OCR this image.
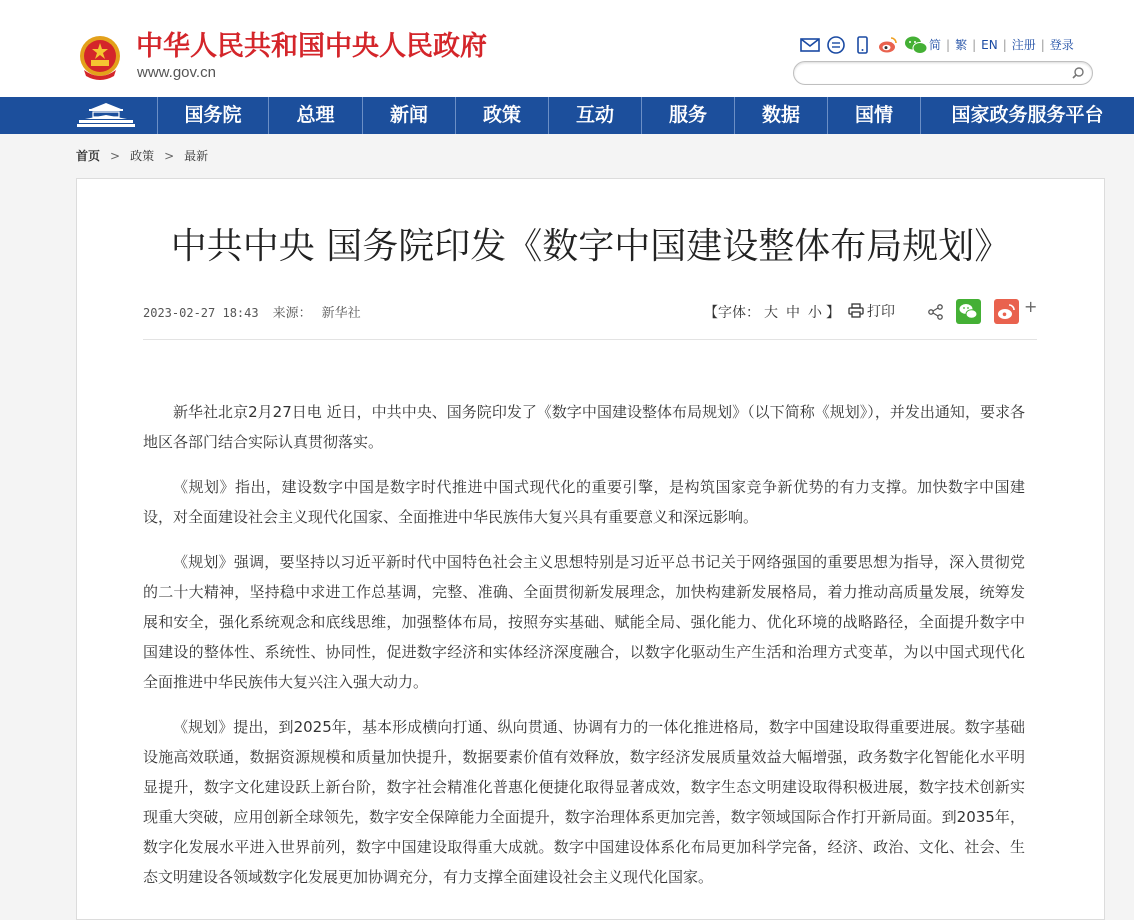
中华人民共和国中央人民政府
www.gov.cn
简 | 繁 | EN | 注册 | 登录
国务院	总理	新闻	政策	互动	服务	数据	国情	国家政务服务平台
首页 > 政策 > 最新
中共中央 国务院印发《数字中国建设整体布局规划》
2023-02-27 18:43 来源： 新华社	【字体： 大 中 小 】	打印	+

新华社北京2月27日电 近日，中共中央、国务院印发了《数字中国建设整体布局规划》（以下简称《规划》），并发出通知，要求各地区各部门结合实际认真贯彻落实。

《规划》指出，建设数字中国是数字时代推进中国式现代化的重要引擎，是构筑国家竞争新优势的有力支撑。加快数字中国建设，对全面建设社会主义现代化国家、全面推进中华民族伟大复兴具有重要意义和深远影响。

《规划》强调，要坚持以习近平新时代中国特色社会主义思想特别是习近平总书记关于网络强国的重要思想为指导，深入贯彻党的二十大精神，坚持稳中求进工作总基调，完整、准确、全面贯彻新发展理念，加快构建新发展格局，着力推动高质量发展，统筹发展和安全，强化系统观念和底线思维，加强整体布局，按照夯实基础、赋能全局、强化能力、优化环境的战略路径，全面提升数字中国建设的整体性、系统性、协同性，促进数字经济和实体经济深度融合，以数字化驱动生产生活和治理方式变革，为以中国式现代化全面推进中华民族伟大复兴注入强大动力。

《规划》提出，到2025年，基本形成横向打通、纵向贯通、协调有力的一体化推进格局，数字中国建设取得重要进展。数字基础设施高效联通，数据资源规模和质量加快提升，数据要素价值有效释放，数字经济发展质量效益大幅增强，政务数字化智能化水平明显提升，数字文化建设跃上新台阶，数字社会精准化普惠化便捷化取得显著成效，数字生态文明建设取得积极进展，数字技术创新实现重大突破，应用创新全球领先，数字安全保障能力全面提升，数字治理体系更加完善，数字领域国际合作打开新局面。到2035年，数字化发展水平进入世界前列，数字中国建设取得重大成就。数字中国建设体系化布局更加科学完备，经济、政治、文化、社会、生态文明建设各领域数字化发展更加协调充分，有力支撑全面建设社会主义现代化国家。
